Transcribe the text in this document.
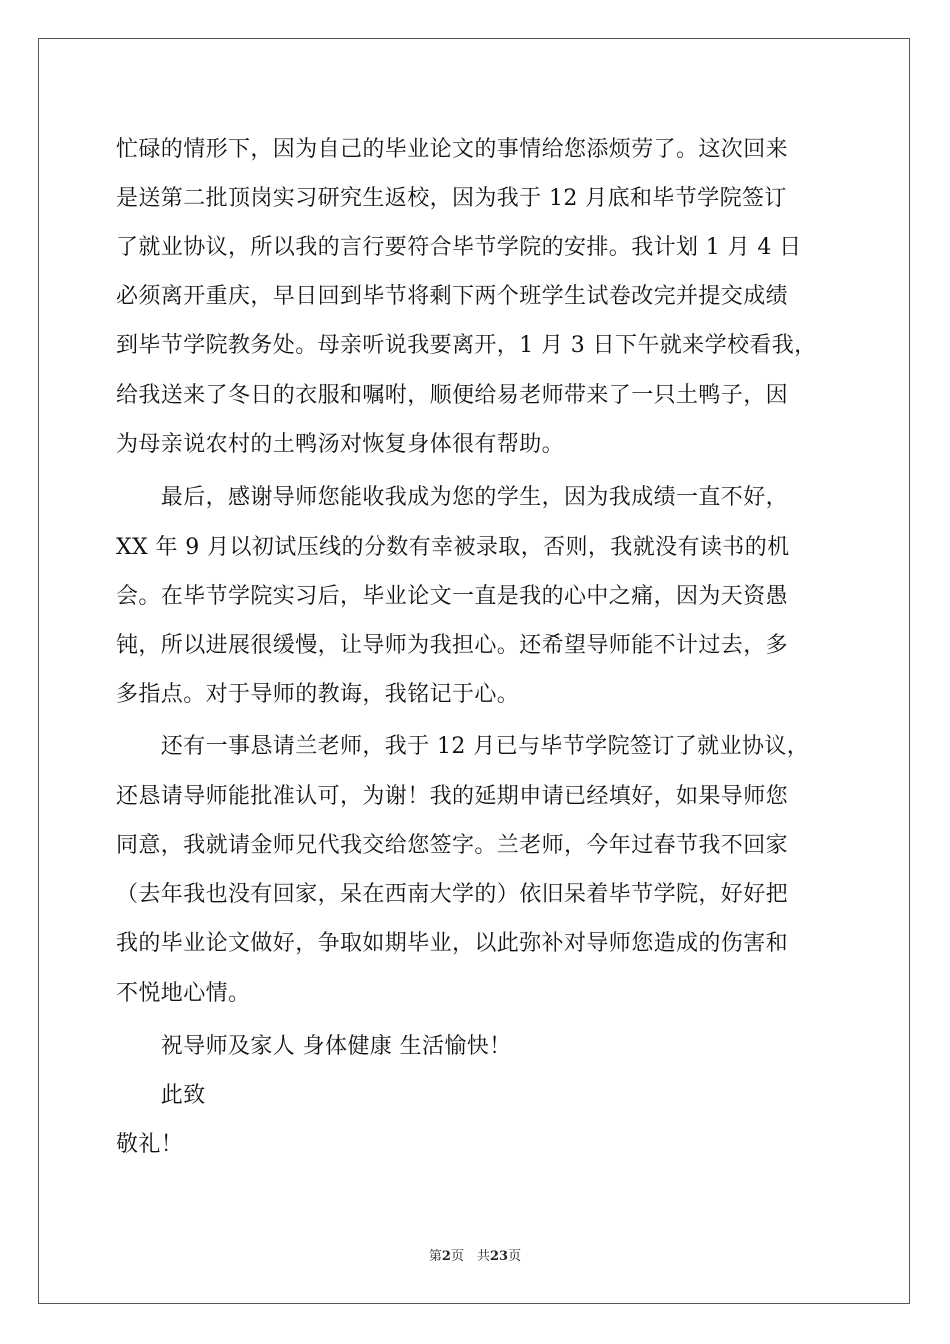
忙碌的情形下，因为自己的毕业论文的事情给您添烦劳了。这次回来
是送第二批顶岗实习研究生返校，因为我于 12 月底和毕节学院签订
了就业协议，所以我的言行要符合毕节学院的安排。我计划 1 月 4 日
必须离开重庆，早日回到毕节将剩下两个班学生试卷改完并提交成绩
到毕节学院教务处。母亲听说我要离开，1 月 3 日下午就来学校看我，
给我送来了冬日的衣服和嘱咐，顺便给易老师带来了一只土鸭子，因
为母亲说农村的土鸭汤对恢复身体很有帮助。
　　最后，感谢导师您能收我成为您的学生，因为我成绩一直不好，
XX 年 9 月以初试压线的分数有幸被录取，否则，我就没有读书的机
会。在毕节学院实习后，毕业论文一直是我的心中之痛，因为天资愚
钝，所以进展很缓慢，让导师为我担心。还希望导师能不计过去，多
多指点。对于导师的教诲，我铭记于心。
　　还有一事恳请兰老师，我于 12 月已与毕节学院签订了就业协议，
还恳请导师能批准认可，为谢！我的延期申请已经填好，如果导师您
同意，我就请金师兄代我交给您签字。兰老师，今年过春节我不回家
（去年我也没有回家，呆在西南大学的）依旧呆着毕节学院，好好把
我的毕业论文做好，争取如期毕业，以此弥补对导师您造成的伤害和
不悦地心情。
　　祝导师及家人 身体健康 生活愉快！
　　此致
敬礼！
第2页　共23页
